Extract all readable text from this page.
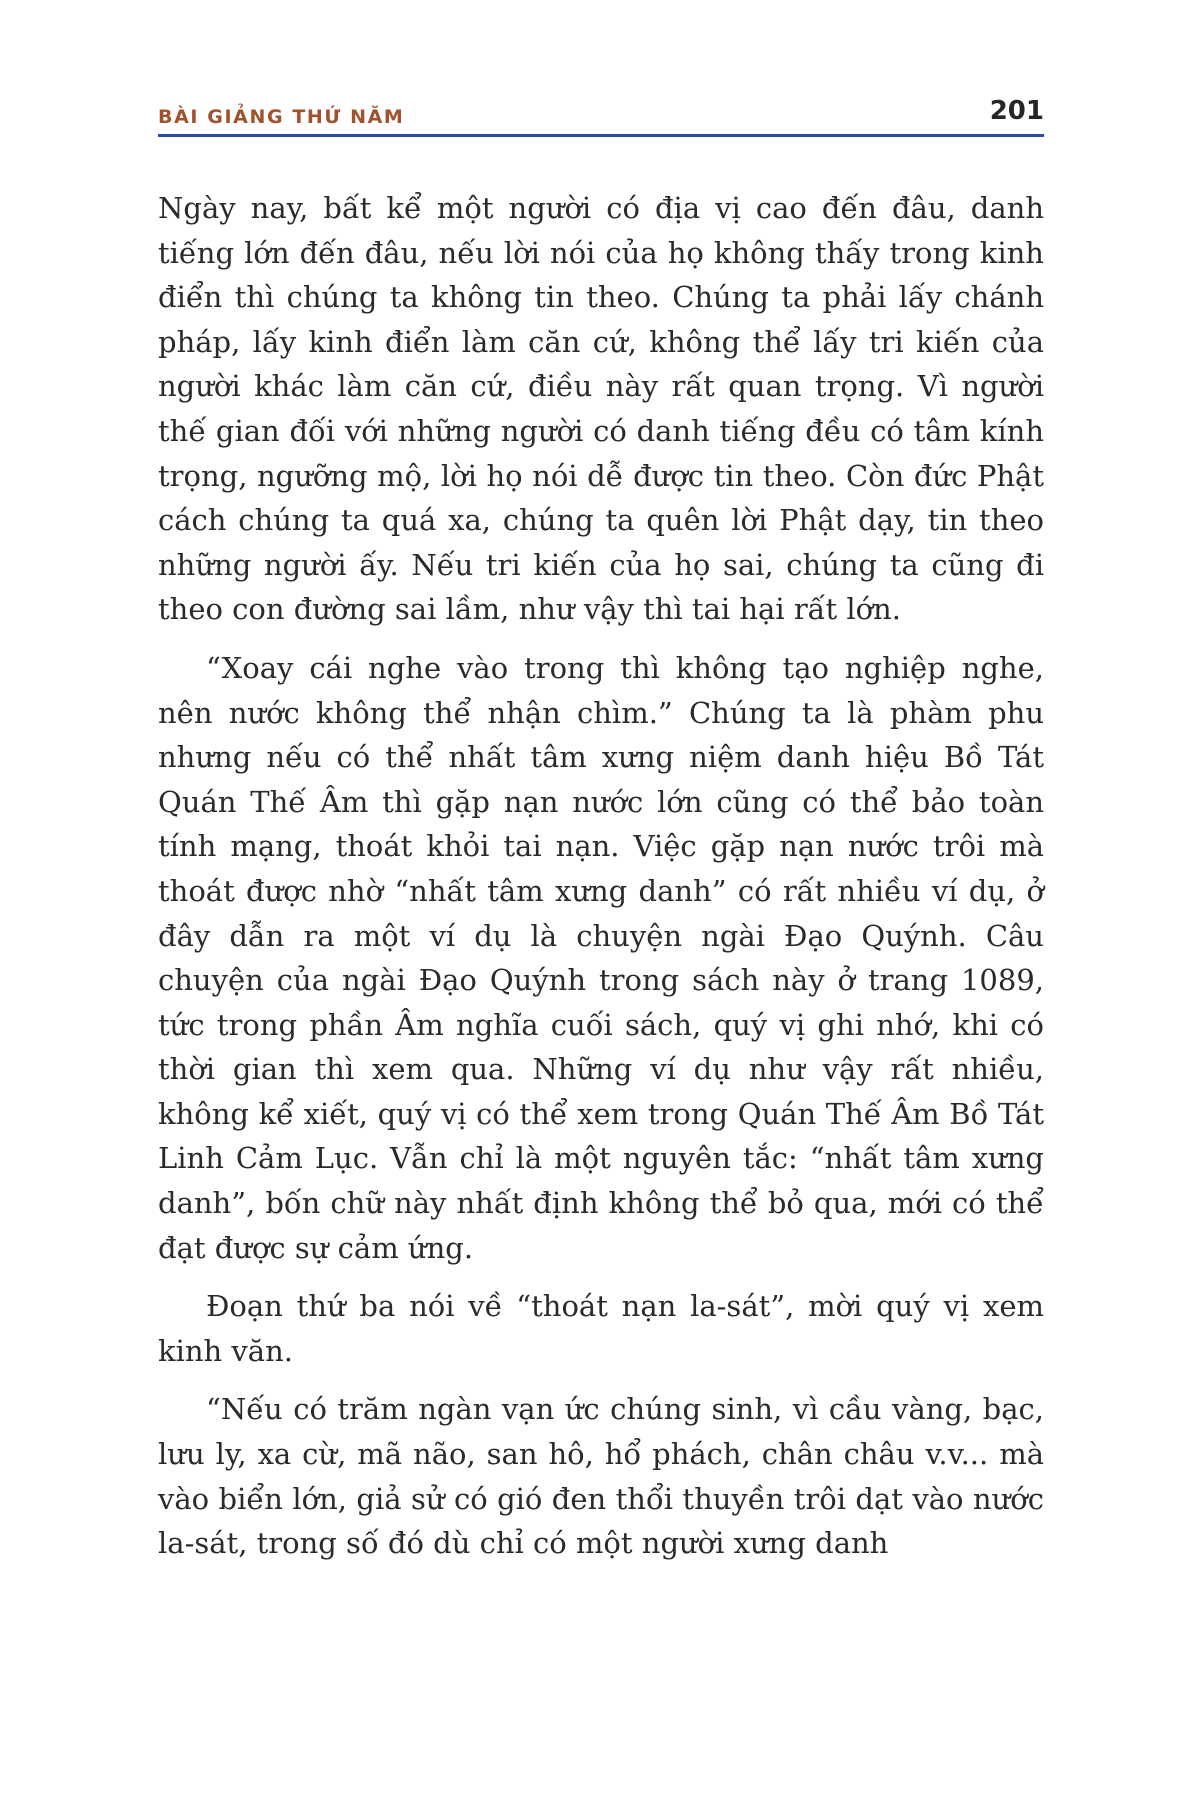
BÀI GIẢNG THỨ NĂM	201

Ngày nay, bất kể một người có địa vị cao đến đâu, danh tiếng lớn đến đâu, nếu lời nói của họ không thấy trong kinh điển thì chúng ta không tin theo. Chúng ta phải lấy chánh pháp, lấy kinh điển làm căn cứ, không thể lấy tri kiến của người khác làm căn cứ, điều này rất quan trọng. Vì người thế gian đối với những người có danh tiếng đều có tâm kính trọng, ngưỡng mộ, lời họ nói dễ được tin theo. Còn đức Phật cách chúng ta quá xa, chúng ta quên lời Phật dạy, tin theo những người ấy. Nếu tri kiến của họ sai, chúng ta cũng đi theo con đường sai lầm, như vậy thì tai hại rất lớn.

“Xoay cái nghe vào trong thì không tạo nghiệp nghe, nên nước không thể nhận chìm.” Chúng ta là phàm phu nhưng nếu có thể nhất tâm xưng niệm danh hiệu Bồ Tát Quán Thế Âm thì gặp nạn nước lớn cũng có thể bảo toàn tính mạng, thoát khỏi tai nạn. Việc gặp nạn nước trôi mà thoát được nhờ “nhất tâm xưng danh” có rất nhiều ví dụ, ở đây dẫn ra một ví dụ là chuyện ngài Đạo Quýnh. Câu chuyện của ngài Đạo Quýnh trong sách này ở trang 1089, tức trong phần Âm nghĩa cuối sách, quý vị ghi nhớ, khi có thời gian thì xem qua. Những ví dụ như vậy rất nhiều, không kể xiết, quý vị có thể xem trong Quán Thế Âm Bồ Tát Linh Cảm Lục. Vẫn chỉ là một nguyên tắc: “nhất tâm xưng danh”, bốn chữ này nhất định không thể bỏ qua, mới có thể đạt được sự cảm ứng.

Đoạn thứ ba nói về “thoát nạn la-sát”, mời quý vị xem kinh văn.

“Nếu có trăm ngàn vạn ức chúng sinh, vì cầu vàng, bạc, lưu ly, xa cừ, mã não, san hô, hổ phách, chân châu v.v... mà vào biển lớn, giả sử có gió đen thổi thuyền trôi dạt vào nước la-sát, trong số đó dù chỉ có một người xưng danh
